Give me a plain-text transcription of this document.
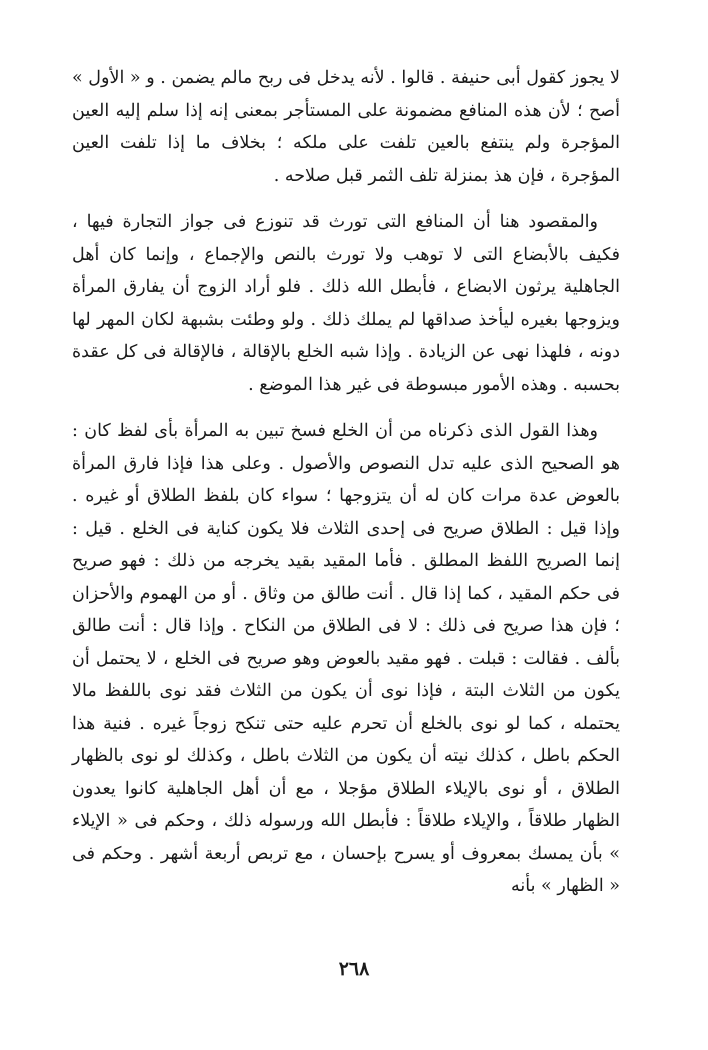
لا يجوز كقول أبى حنيفة . قالوا . لأنه يدخل فى ربح مالم يضمن . و « الأول » أصح ؛ لأن هذه المنافع مضمونة على المستأجر بمعنى إنه إذا سلم إليه العين المؤجرة ولم ينتفع بالعين تلفت على ملكه ؛ بخلاف ما إذا تلفت العين المؤجرة ، فإن هذ بمنزلة تلف الثمر قبل صلاحه .

والمقصود هنا أن المنافع التى تورث قد تنوزع فى جواز التجارة فيها ، فكيف بالأبضاع التى لا توهب ولا تورث بالنص والإجماع ، وإنما كان أهل الجاهلية يرثون الابضاع ، فأبطل الله ذلك . فلو أراد الزوج أن يفارق المرأة ويزوجها بغيره ليأخذ صداقها لم يملك ذلك . ولو وطئت بشبهة لكان المهر لها دونه ، فلهذا نهى عن الزيادة . وإذا شبه الخلع بالإقالة ، فالإقالة فى كل عقدة بحسبه . وهذه الأمور مبسوطة فى غير هذا الموضع .

وهذا القول الذى ذكرناه من أن الخلع فسخ تبين به المرأة بأى لفظ كان : هو الصحيح الذى عليه تدل النصوص والأصول . وعلى هذا فإذا فارق المرأة بالعوض عدة مرات كان له أن يتزوجها ؛ سواء كان بلفظ الطلاق أو غيره . وإذا قيل : الطلاق صريح فى إحدى الثلاث فلا يكون كناية فى الخلع . قيل : إنما الصريح اللفظ المطلق . فأما المقيد بقيد يخرجه من ذلك : فهو صريح فى حكم المقيد ، كما إذا قال . أنت طالق من وثاق . أو من الهموم والأحزان ؛ فإن هذا صريح فى ذلك : لا فى الطلاق من النكاح . وإذا قال : أنت طالق بألف . فقالت : قبلت . فهو مقيد بالعوض وهو صريح فى الخلع ، لا يحتمل أن يكون من الثلاث البتة ، فإذا نوى أن يكون من الثلاث فقد نوى باللفظ مالا يحتمله ، كما لو نوى بالخلع أن تحرم عليه حتى تنكح زوجاً غيره . فنية هذا الحكم باطل ، كذلك نيته أن يكون من الثلاث باطل ، وكذلك لو نوى بالظهار الطلاق ، أو نوى بالإيلاء الطلاق مؤجلا ، مع أن أهل الجاهلية كانوا يعدون الظهار طلاقاً ، والإيلاء طلاقاً : فأبطل الله ورسوله ذلك ، وحكم فى « الإيلاء » بأن يمسك بمعروف أو يسرح بإحسان ، مع تربص أربعة أشهر . وحكم فى « الظهار » بأنه

٢٦٨
